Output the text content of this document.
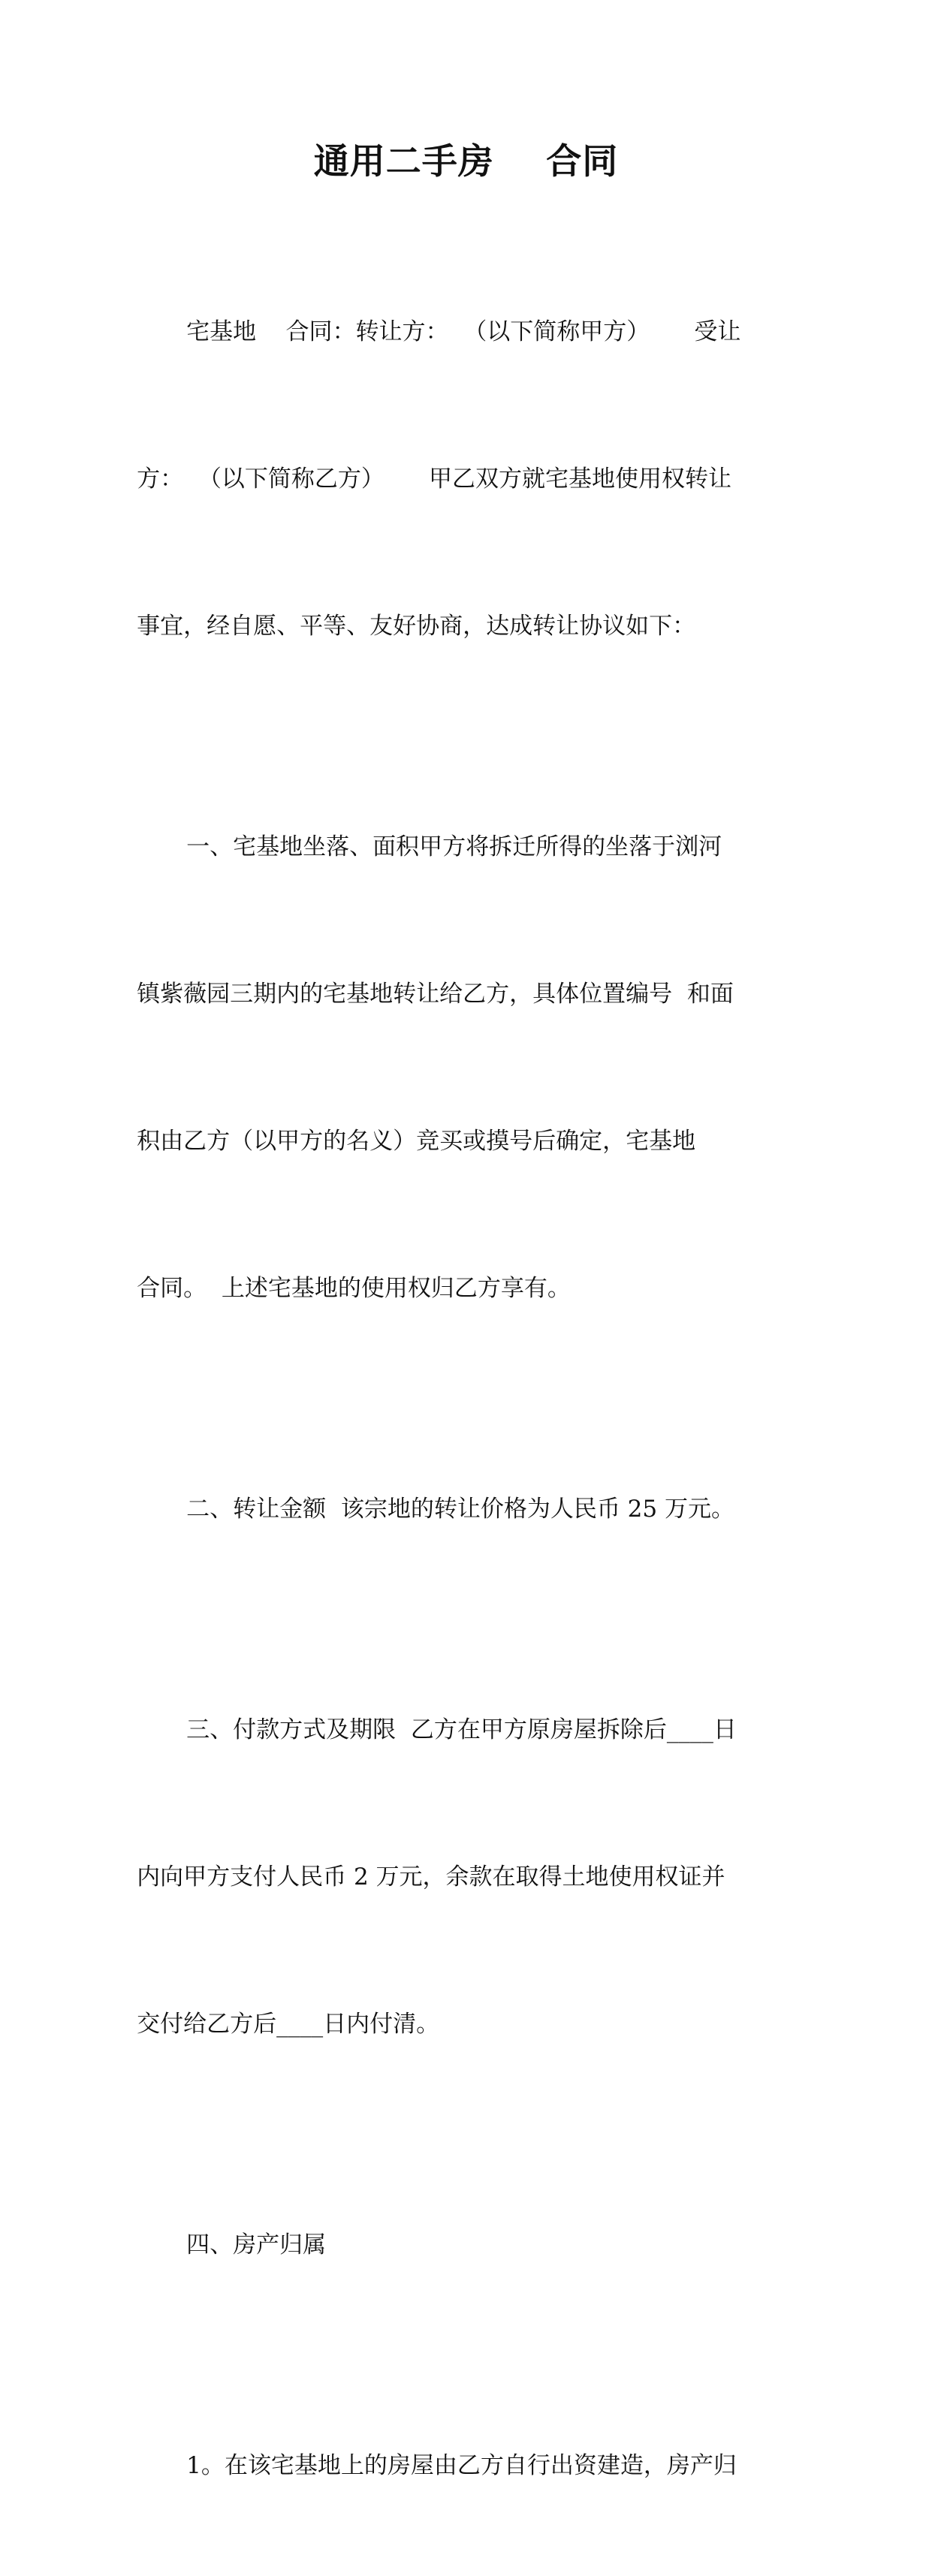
通用二手房    合同

宅基地    合同：转让方：  （以下简称甲方）      受让

方：  （以下简称乙方）      甲乙双方就宅基地使用权转让

事宜，经自愿、平等、友好协商，达成转让协议如下：

一、宅基地坐落、面积甲方将拆迁所得的坐落于浏河

镇紫薇园三期内的宅基地转让给乙方，具体位置编号  和面

积由乙方（以甲方的名义）竞买或摸号后确定，宅基地

合同。  上述宅基地的使用权归乙方享有。

二、转让金额  该宗地的转让价格为人民币 25 万元。

三、付款方式及期限  乙方在甲方原房屋拆除后____日

内向甲方支付人民币 2 万元，余款在取得土地使用权证并

交付给乙方后____日内付清。

四、房产归属

1。在该宅基地上的房屋由乙方自行出资建造，房产归
